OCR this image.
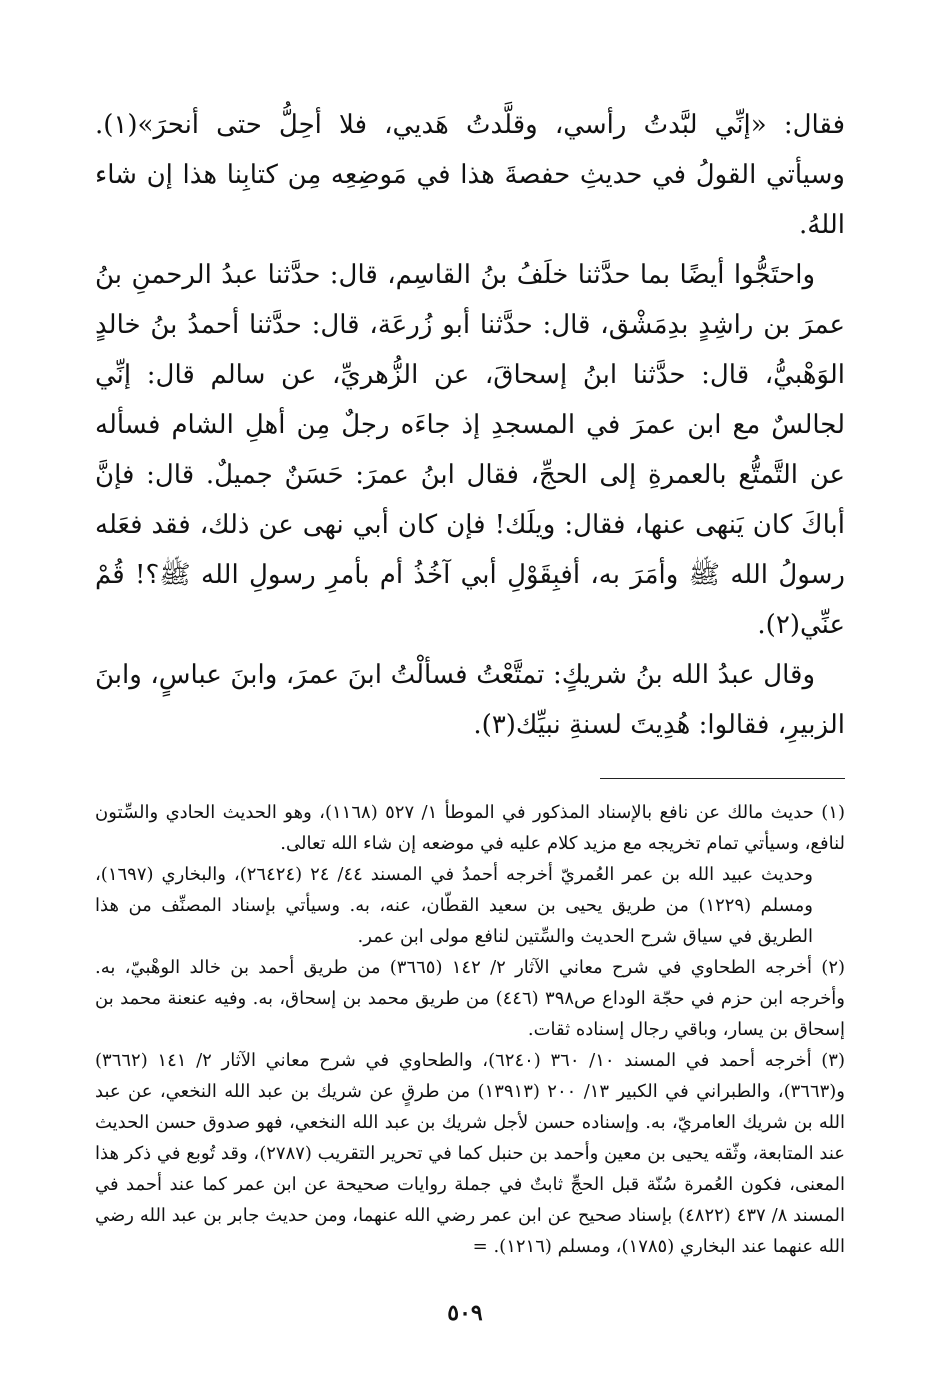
فقال: «إنِّي لبَّدتُ رأسي، وقلَّدتُ هَديي، فلا أحِلُّ حتى أنحرَ»(١). وسيأتي القولُ في حديثِ حفصةَ هذا في مَوضِعِه مِن كتابِنا هذا إن شاء اللهُ.

واحتَجُّوا أيضًا بما حدَّثنا خلَفُ بنُ القاسِم، قال: حدَّثنا عبدُ الرحمنِ بنُ عمرَ بن راشِدٍ بدِمَشْق، قال: حدَّثنا أبو زُرعَة، قال: حدَّثنا أحمدُ بنُ خالدٍ الوَهْبيُّ، قال: حدَّثنا ابنُ إسحاقَ، عن الزُّهريِّ، عن سالم قال: إنِّي لجالسٌ مع ابن عمرَ في المسجدِ إذ جاءَه رجلٌ مِن أهلِ الشام فسأله عن التَّمتُّع بالعمرةِ إلى الحجِّ، فقال ابنُ عمرَ: حَسَنٌ جميلٌ. قال: فإنَّ أباكَ كان يَنهى عنها، فقال: ويلَك! فإن كان أبي نهى عن ذلك، فقد فعَله رسولُ الله ﷺ وأمَرَ به، أفبِقَوْلِ أبي آخُذُ أم بأمرِ رسولِ الله ﷺ؟! قُمْ عنِّي(٢).

وقال عبدُ الله بنُ شريكٍ: تمتَّعْتُ فسألْتُ ابنَ عمرَ، وابنَ عباسٍ، وابنَ الزبيرِ، فقالوا: هُدِيتَ لسنةِ نبيِّك(٣).

(١) حديث مالك عن نافع بالإسناد المذكور في الموطأ ١/ ٥٢٧ (١١٦٨)، وهو الحديث الحادي والسِّتون لنافع، وسيأتي تمام تخريجه مع مزيد كلام عليه في موضعه إن شاء الله تعالى.

وحديث عبيد الله بن عمر العُمريّ أخرجه أحمدُ في المسند ٤٤/ ٢٤ (٢٦٤٢٤)، والبخاري (١٦٩٧)، ومسلم (١٢٢٩) من طريق يحيى بن سعيد القطّان، عنه، به. وسيأتي بإسناد المصنِّف من هذا الطريق في سياق شرح الحديث والسِّتين لنافع مولى ابن عمر.

(٢) أخرجه الطحاوي في شرح معاني الآثار ٢/ ١٤٢ (٣٦٦٥) من طريق أحمد بن خالد الوهْبيّ، به. وأخرجه ابن حزم في حجّة الوداع ص٣٩٨ (٤٤٦) من طريق محمد بن إسحاق، به. وفيه عنعنة محمد بن إسحاق بن يسار، وباقي رجال إسناده ثقات.

(٣) أخرجه أحمد في المسند ١٠/ ٣٦٠ (٦٢٤٠)، والطحاوي في شرح معاني الآثار ٢/ ١٤١ (٣٦٦٢) و(٣٦٦٣)، والطبراني في الكبير ١٣/ ٢٠٠ (١٣٩١٣) من طرقٍ عن شريك بن عبد الله النخعي، عن عبد الله بن شريك العامريّ، به. وإسناده حسن لأجل شريك بن عبد الله النخعي، فهو صدوق حسن الحديث عند المتابعة، وثّقه يحيى بن معين وأحمد بن حنبل كما في تحرير التقريب (٢٧٨٧)، وقد تُوبع في ذكر هذا المعنى، فكون العُمرة سُنّة قبل الحجِّ ثابتٌ في جملة روايات صحيحة عن ابن عمر كما عند أحمد في المسند ٨/ ٤٣٧ (٤٨٢٢) بإسناد صحيح عن ابن عمر رضي الله عنهما، ومن حديث جابر بن عبد الله رضي الله عنهما عند البخاري (١٧٨٥)، ومسلم (١٢١٦). =

٥٠٩
